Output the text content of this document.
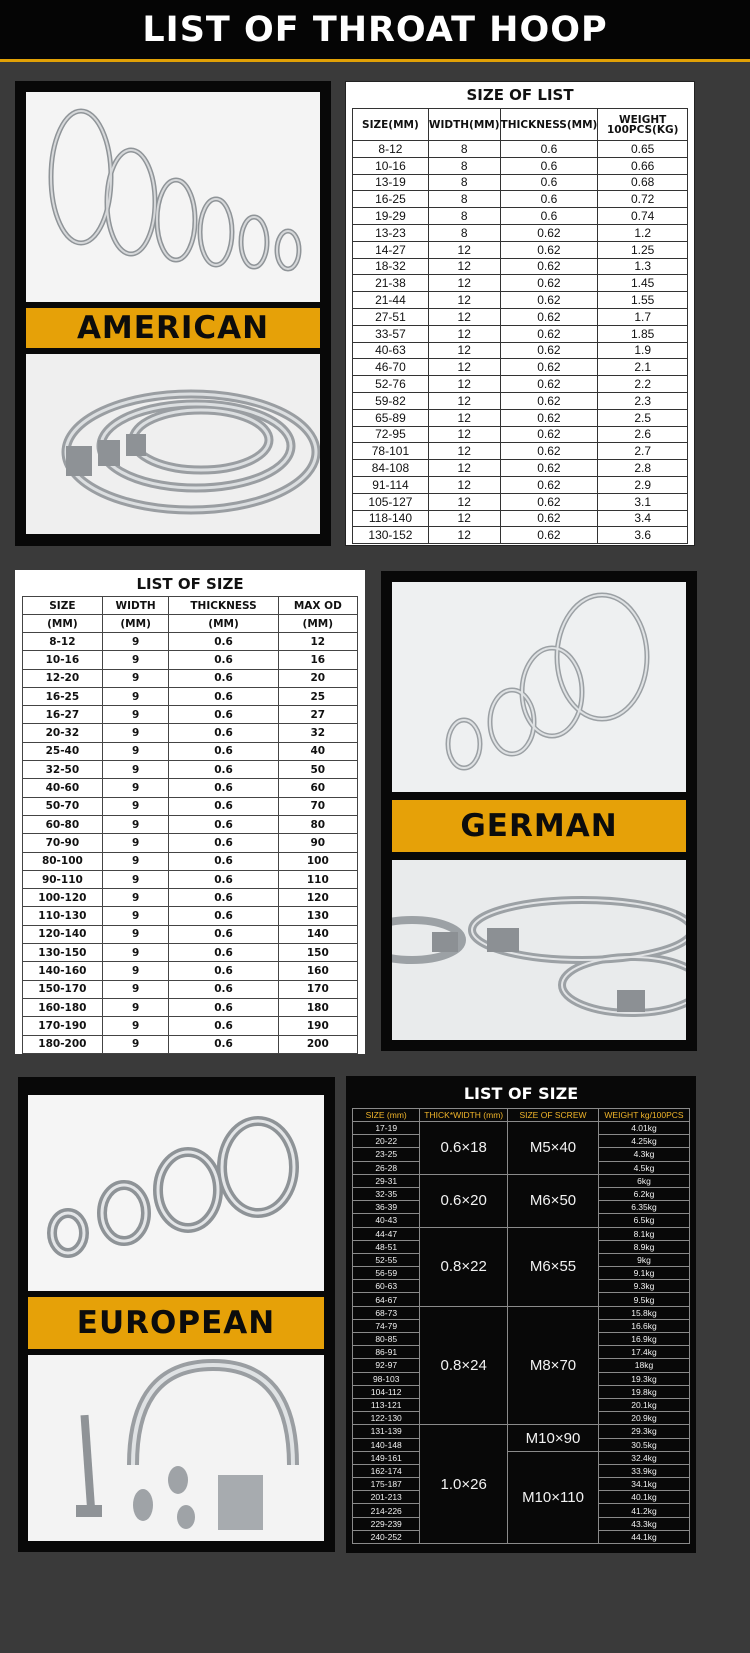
LIST OF THROAT HOOP
AMERICAN
SIZE OF LIST
SIZE(MM)	WIDTH(MM)	THICKNESS(MM)	WEIGHT 100PCS(KG)
8-12	8	0.6	0.65
10-16	8	0.6	0.66
13-19	8	0.6	0.68
16-25	8	0.6	0.72
19-29	8	0.6	0.74
13-23	8	0.62	1.2
14-27	12	0.62	1.25
18-32	12	0.62	1.3
21-38	12	0.62	1.45
21-44	12	0.62	1.55
27-51	12	0.62	1.7
33-57	12	0.62	1.85
40-63	12	0.62	1.9
46-70	12	0.62	2.1
52-76	12	0.62	2.2
59-82	12	0.62	2.3
65-89	12	0.62	2.5
72-95	12	0.62	2.6
78-101	12	0.62	2.7
84-108	12	0.62	2.8
91-114	12	0.62	2.9
105-127	12	0.62	3.1
118-140	12	0.62	3.4
130-152	12	0.62	3.6
LIST OF SIZE
SIZE	WIDTH	THICKNESS	MAX OD
(MM)	(MM)	(MM)	(MM)
8-12	9	0.6	12
10-16	9	0.6	16
12-20	9	0.6	20
16-25	9	0.6	25
16-27	9	0.6	27
20-32	9	0.6	32
25-40	9	0.6	40
32-50	9	0.6	50
40-60	9	0.6	60
50-70	9	0.6	70
60-80	9	0.6	80
70-90	9	0.6	90
80-100	9	0.6	100
90-110	9	0.6	110
100-120	9	0.6	120
110-130	9	0.6	130
120-140	9	0.6	140
130-150	9	0.6	150
140-160	9	0.6	160
150-170	9	0.6	170
160-180	9	0.6	180
170-190	9	0.6	190
180-200	9	0.6	200
GERMAN
EUROPEAN
LIST OF SIZE
SIZE (mm)	THICK*WIDTH (mm)	SIZE OF SCREW	WEIGHT kg/100PCS
17-19	0.6×18	M5×40	4.01kg
20-22			4.25kg
23-25			4.3kg
26-28			4.5kg
29-31	0.6×20	M6×50	6kg
32-35			6.2kg
36-39			6.35kg
40-43			6.5kg
44-47	0.8×22	M6×55	8.1kg
48-51			8.9kg
52-55			9kg
56-59			9.1kg
60-63			9.3kg
64-67			9.5kg
68-73	0.8×24	M8×70	15.8kg
74-79			16.6kg
80-85			16.9kg
86-91			17.4kg
92-97			18kg
98-103			19.3kg
104-112			19.8kg
113-121			20.1kg
122-130			20.9kg
131-139	1.0×26	M10×90	29.3kg
140-148			30.5kg
149-161		M10×110	32.4kg
162-174			33.9kg
175-187			34.1kg
201-213			40.1kg
214-226			41.2kg
229-239			43.3kg
240-252			44.1kg
